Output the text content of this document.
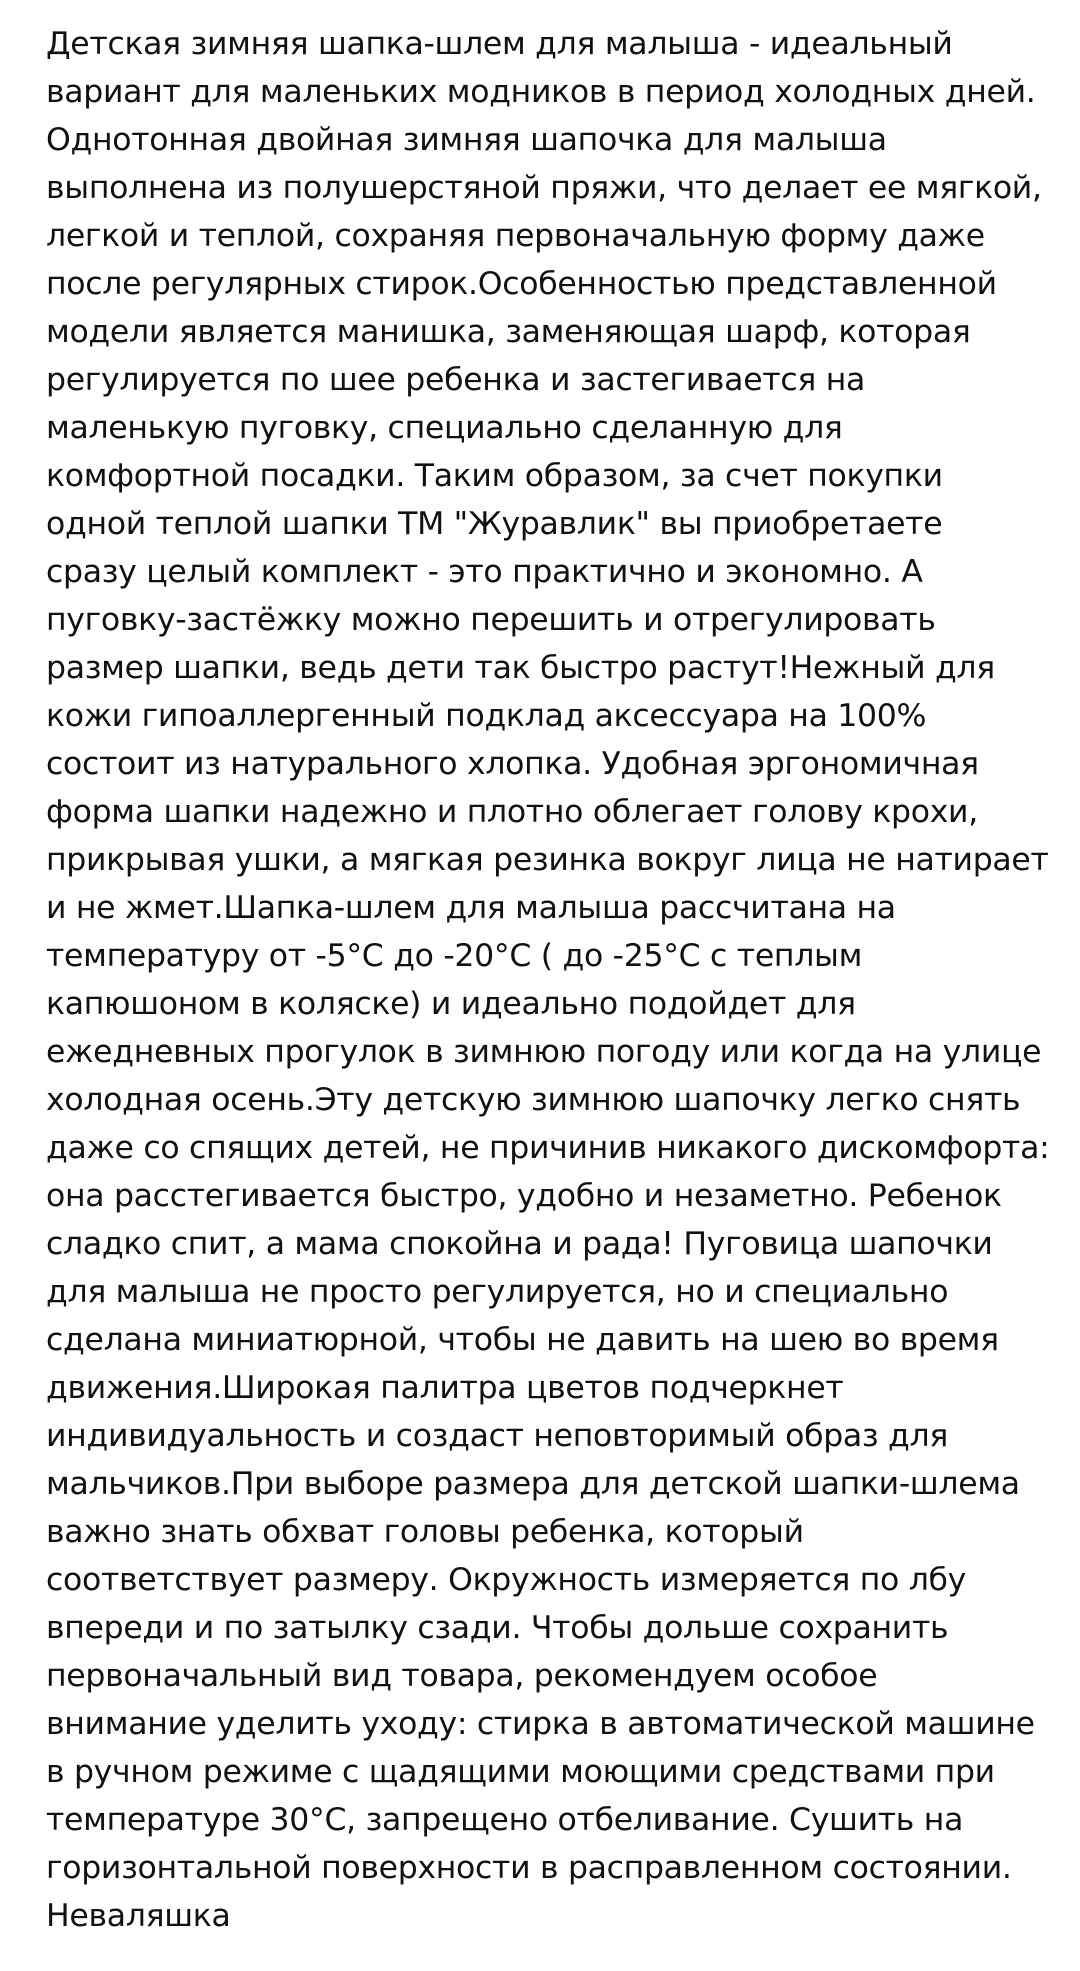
Детская зимняя шапка-шлем для малыша - идеальный
вариант для маленьких модников в период холодных дней.
Однотонная двойная зимняя шапочка для малыша
выполнена из полушерстяной пряжи, что делает ее мягкой,
легкой и теплой, сохраняя первоначальную форму даже
после регулярных стирок.Особенностью представленной
модели является манишка, заменяющая шарф, которая
регулируется по шее ребенка и застегивается на
маленькую пуговку, специально сделанную для
комфортной посадки. Таким образом, за счет покупки
одной теплой шапки ТМ "Журавлик" вы приобретаете
сразу целый комплект - это практично и экономно. А
пуговку-застёжку можно перешить и отрегулировать
размер шапки, ведь дети так быстро растут!Нежный для
кожи гипоаллергенный подклад аксессуара на 100%
состоит из натурального хлопка. Удобная эргономичная
форма шапки надежно и плотно облегает голову крохи,
прикрывая ушки, а мягкая резинка вокруг лица не натирает
и не жмет.Шапка-шлем для малыша рассчитана на
температуру от -5°С до -20°С ( до -25°С с теплым
капюшоном в коляске) и идеально подойдет для
ежедневных прогулок в зимнюю погоду или когда на улице
холодная осень.Эту детскую зимнюю шапочку легко снять
даже со спящих детей, не причинив никакого дискомфорта:
она расстегивается быстро, удобно и незаметно. Ребенок
сладко спит, а мама спокойна и рада! Пуговица шапочки
для малыша не просто регулируется, но и специально
сделана миниатюрной, чтобы не давить на шею во время
движения.Широкая палитра цветов подчеркнет
индивидуальность и создаст неповторимый образ для
мальчиков.При выборе размера для детской шапки-шлема
важно знать обхват головы ребенка, который
соответствует размеру. Окружность измеряется по лбу
впереди и по затылку сзади. Чтобы дольше сохранить
первоначальный вид товара, рекомендуем особое
внимание уделить уходу: стирка в автоматической машине
в ручном режиме с щадящими моющими средствами при
температуре 30°С, запрещено отбеливание. Сушить на
горизонтальной поверхности в расправленном состоянии.
Неваляшка
